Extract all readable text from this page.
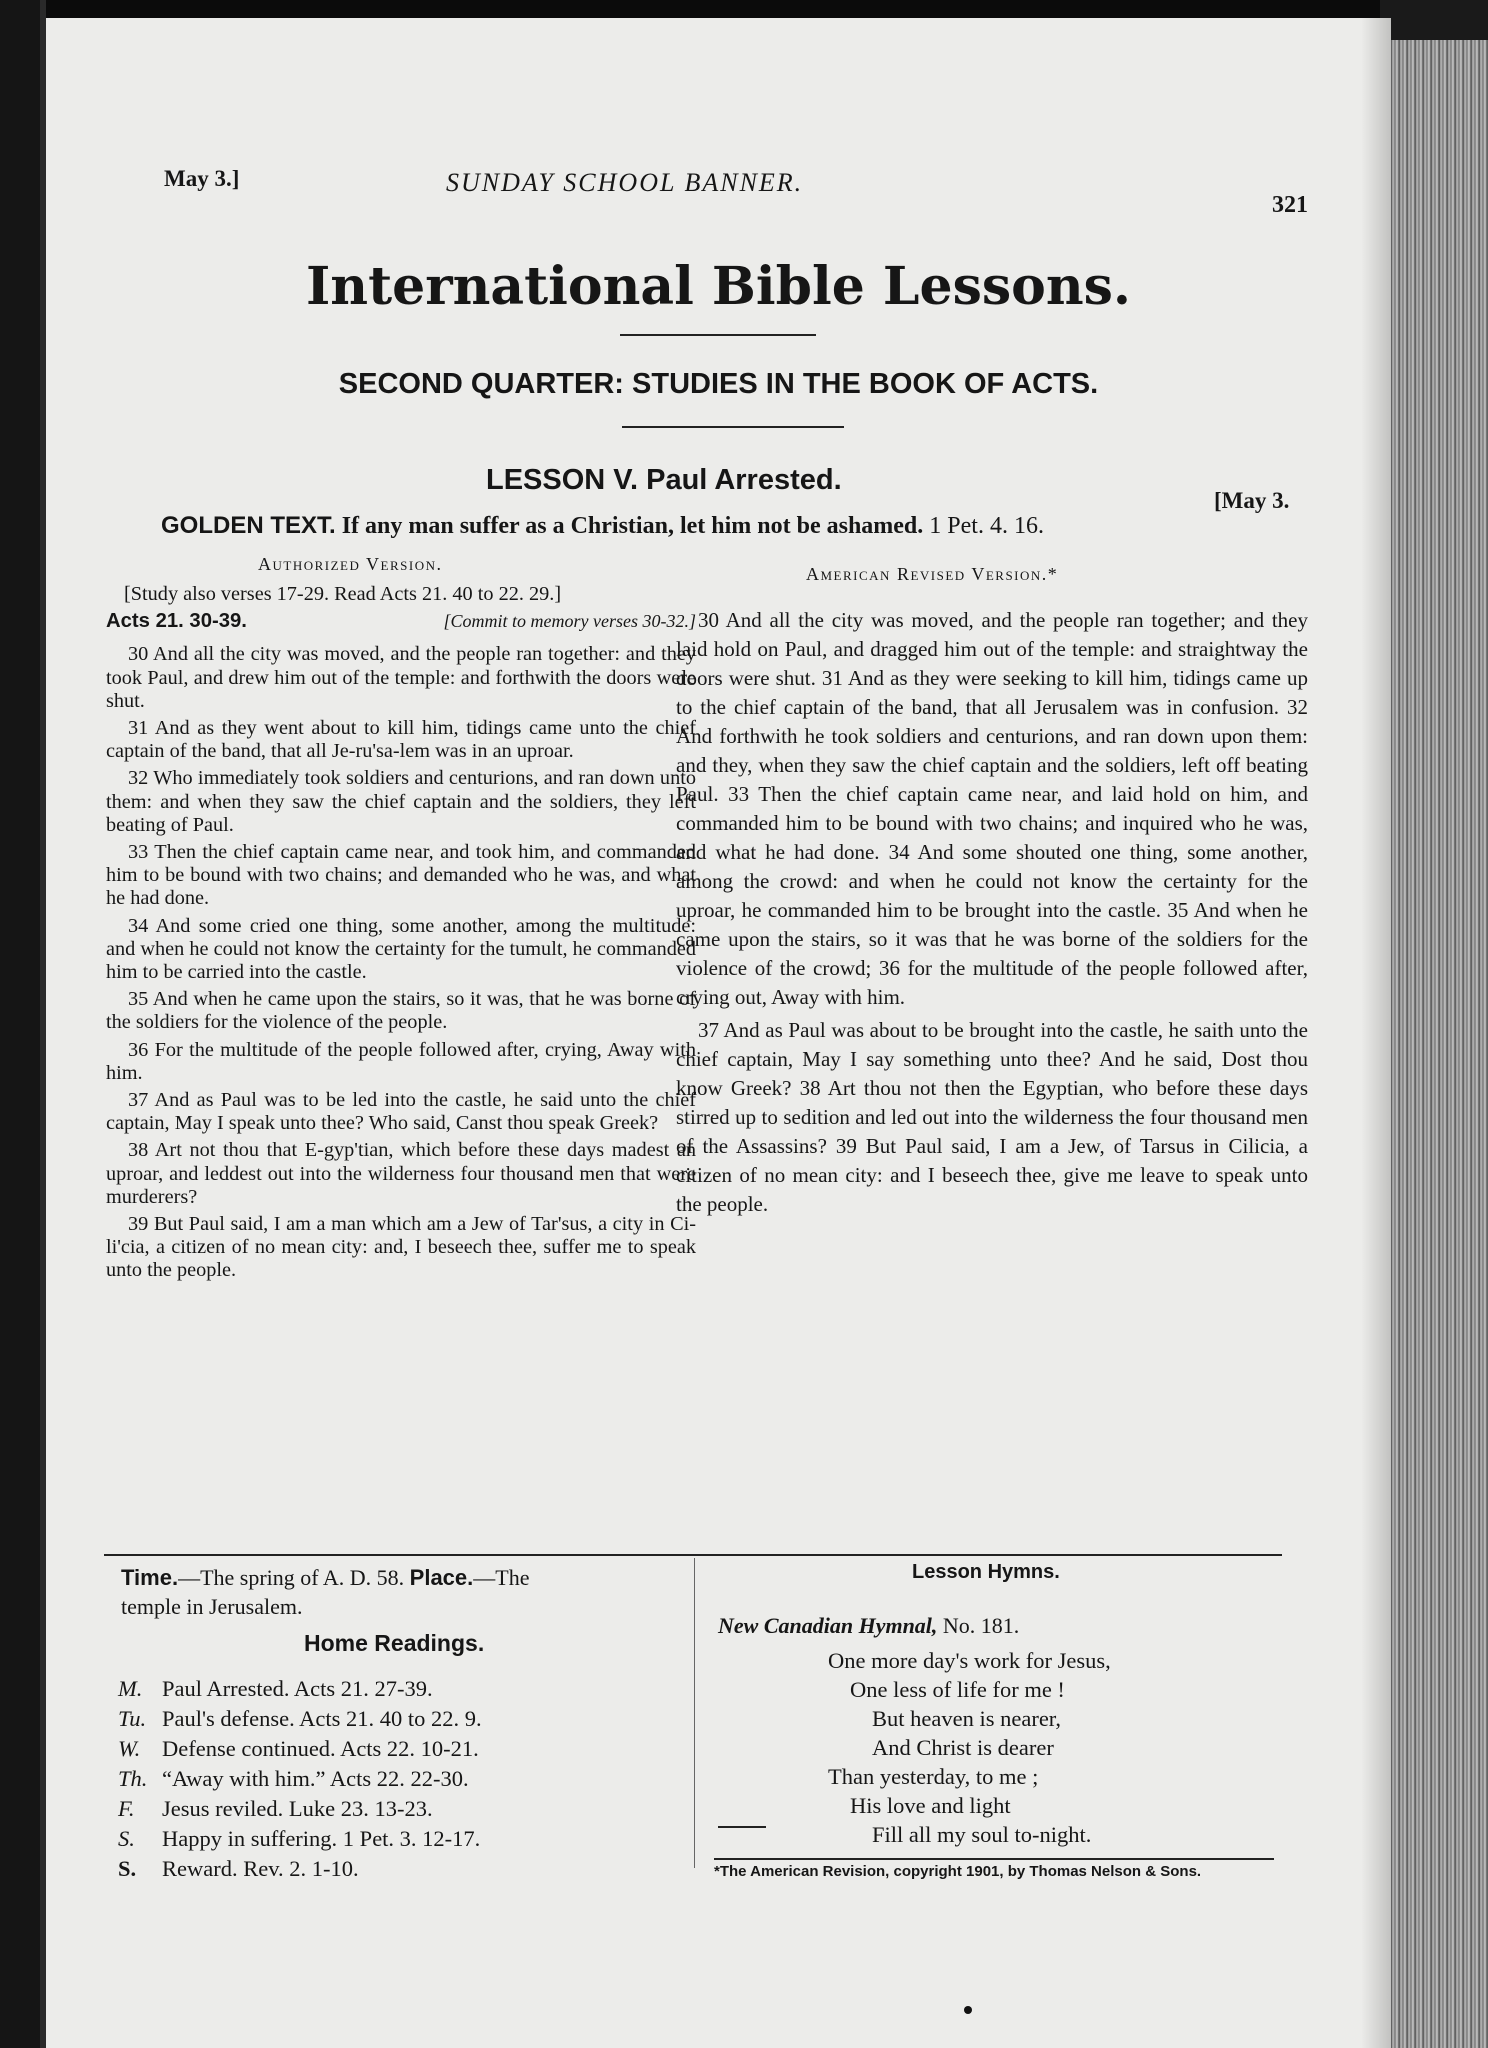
May 3.]	SUNDAY SCHOOL BANNER.
321
International Bible Lessons.
SECOND QUARTER: STUDIES IN THE BOOK OF ACTS.
LESSON V. Paul Arrested.
[May 3.
GOLDEN TEXT. If any man suffer as a Christian, let him not be ashamed. 1 Pet. 4. 16.
Authorized Version.	American Revised Version.*

[Study also verses 17-29. Read Acts 21. 40 to 22. 29.]

Acts 21. 30-39.	[Commit to memory verses 30-32.]

30 And all the city was moved, and the people ran together: and they took Paul, and drew him out of the temple: and forthwith the doors were shut.

31 And as they went about to kill him, tidings came unto the chief captain of the band, that all Je-ru'sa-lem was in an uproar.

32 Who immediately took soldiers and centurions, and ran down unto them: and when they saw the chief captain and the soldiers, they left beating of Paul.

33 Then the chief captain came near, and took him, and commanded him to be bound with two chains; and demanded who he was, and what he had done.

34 And some cried one thing, some another, among the multitude: and when he could not know the certainty for the tumult, he commanded him to be carried into the castle.

35 And when he came upon the stairs, so it was, that he was borne of the soldiers for the violence of the people.

36 For the multitude of the people followed after, crying, Away with him.

37 And as Paul was to be led into the castle, he said unto the chief captain, May I speak unto thee? Who said, Canst thou speak Greek?

38 Art not thou that E-gyp'tian, which before these days madest an uproar, and leddest out into the wilderness four thousand men that were murderers?

39 But Paul said, I am a man which am a Jew of Tar'sus, a city in Ci-li'cia, a citizen of no mean city: and, I beseech thee, suffer me to speak unto the people.

30 And all the city was moved, and the people ran together; and they laid hold on Paul, and dragged him out of the temple: and straightway the doors were shut. 31 And as they were seeking to kill him, tidings came up to the chief captain of the band, that all Jerusalem was in confusion. 32 And forthwith he took soldiers and centurions, and ran down upon them: and they, when they saw the chief captain and the soldiers, left off beating Paul. 33 Then the chief captain came near, and laid hold on him, and commanded him to be bound with two chains; and inquired who he was, and what he had done. 34 And some shouted one thing, some another, among the crowd: and when he could not know the certainty for the uproar, he commanded him to be brought into the castle. 35 And when he came upon the stairs, so it was that he was borne of the soldiers for the violence of the crowd; 36 for the multitude of the people followed after, crying out, Away with him.

37 And as Paul was about to be brought into the castle, he saith unto the chief captain, May I say something unto thee? And he said, Dost thou know Greek? 38 Art thou not then the Egyptian, who before these days stirred up to sedition and led out into the wilderness the four thousand men of the Assassins? 39 But Paul said, I am a Jew, of Tarsus in Cilicia, a citizen of no mean city: and I beseech thee, give me leave to speak unto the people.

Time.—The spring of A. D. 58. Place.—The temple in Jerusalem.
Home Readings.
M. Paul Arrested. Acts 21. 27-39.
Tu. Paul's defense. Acts 21. 40 to 22. 9.
W. Defense continued. Acts 22. 10-21.
Th. “Away with him.” Acts 22. 22-30.
F.	Jesus reviled. Luke 23. 13-23.
S.	Happy in suffering. 1 Pet. 3. 12-17.
S.	Reward. Rev. 2. 1-10.
Lesson Hymns.
New Canadian Hymnal, No. 181.
One more day's work for Jesus,
One less of life for me !
But heaven is nearer,
And Christ is dearer
Than yesterday, to me ;
His love and light
Fill all my soul to-night.
*The American Revision, copyright 1901, by Thomas Nelson & Sons.
